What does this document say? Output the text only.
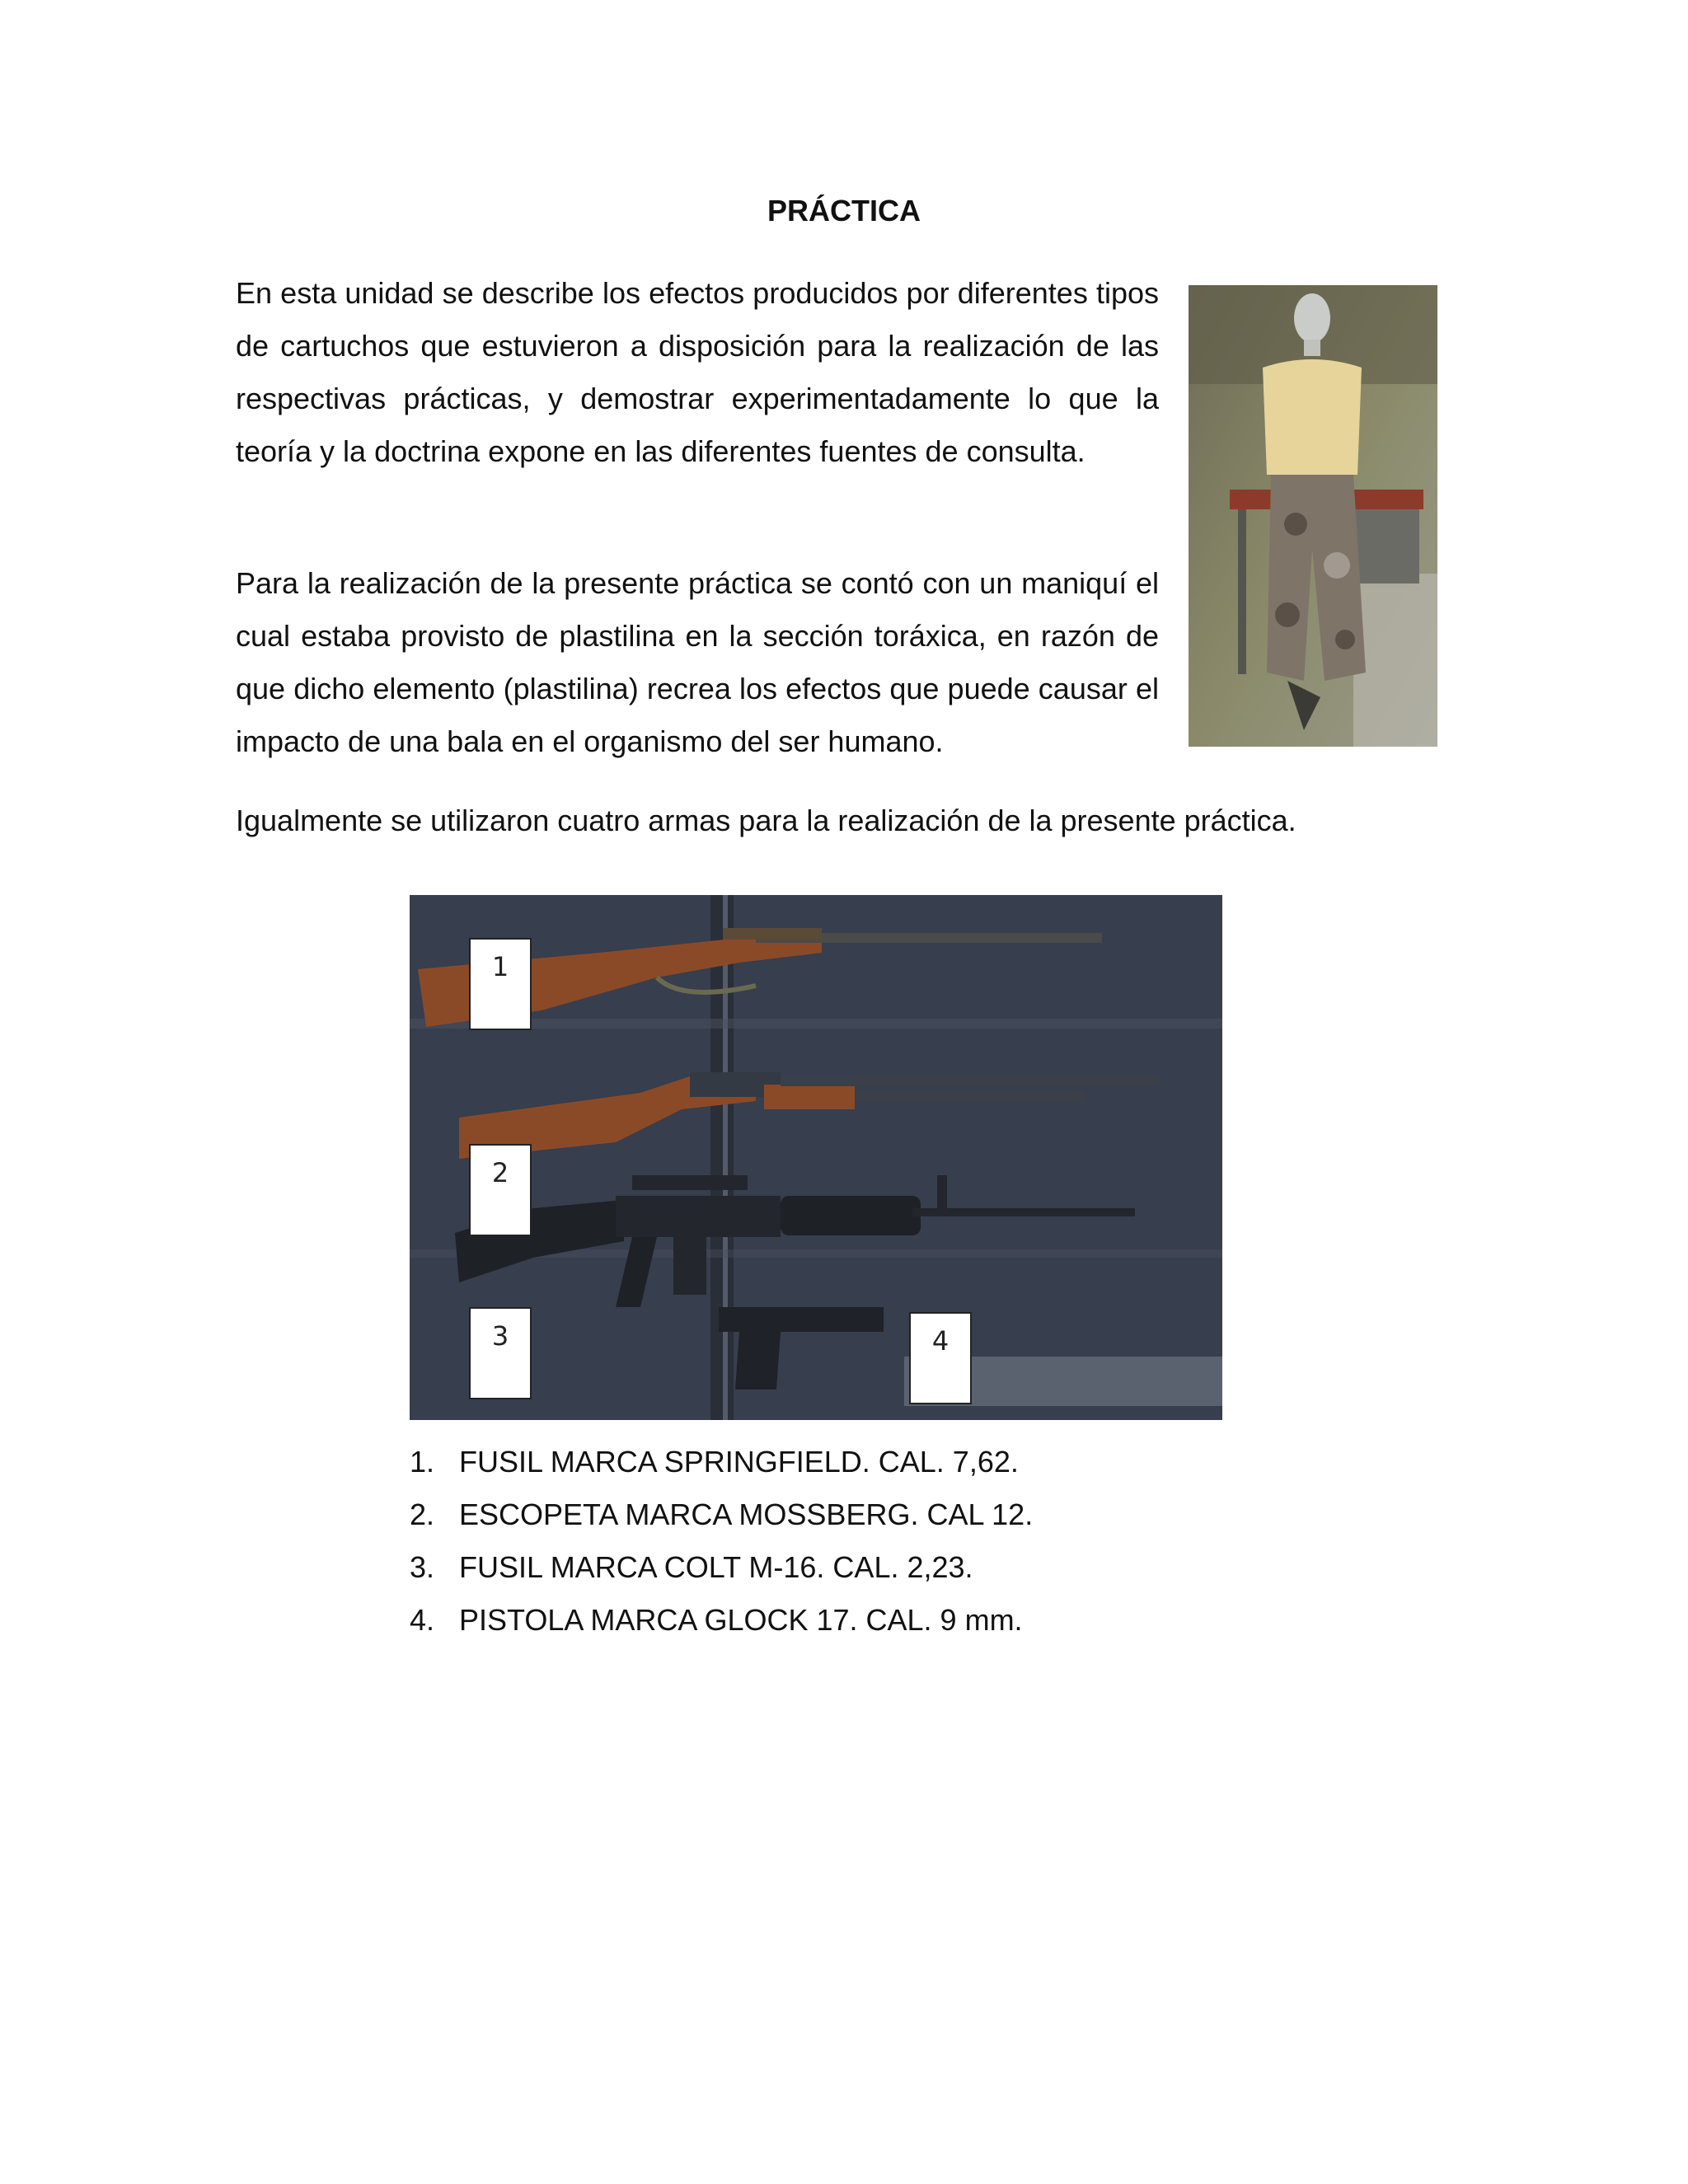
PRÁCTICA

En esta unidad se describe los efectos producidos por diferentes tipos de cartuchos que estuvieron a disposición para la realización de las respectivas prácticas, y demostrar experimentadamente lo que la teoría y la doctrina expone en las diferentes fuentes de consulta.

Para la realización de la presente práctica se contó con un maniquí el cual estaba provisto de plastilina en la sección toráxica, en razón de que dicho elemento (plastilina) recrea los efectos que puede causar el impacto de una bala en el organismo del ser humano.

Igualmente se utilizaron cuatro armas para la realización de la presente práctica.

1
2
3	4
1. FUSIL MARCA SPRINGFIELD. CAL. 7,62.
2. ESCOPETA MARCA MOSSBERG. CAL 12.
3. FUSIL MARCA COLT M-16. CAL. 2,23.
4. PISTOLA MARCA GLOCK 17. CAL. 9 mm.
